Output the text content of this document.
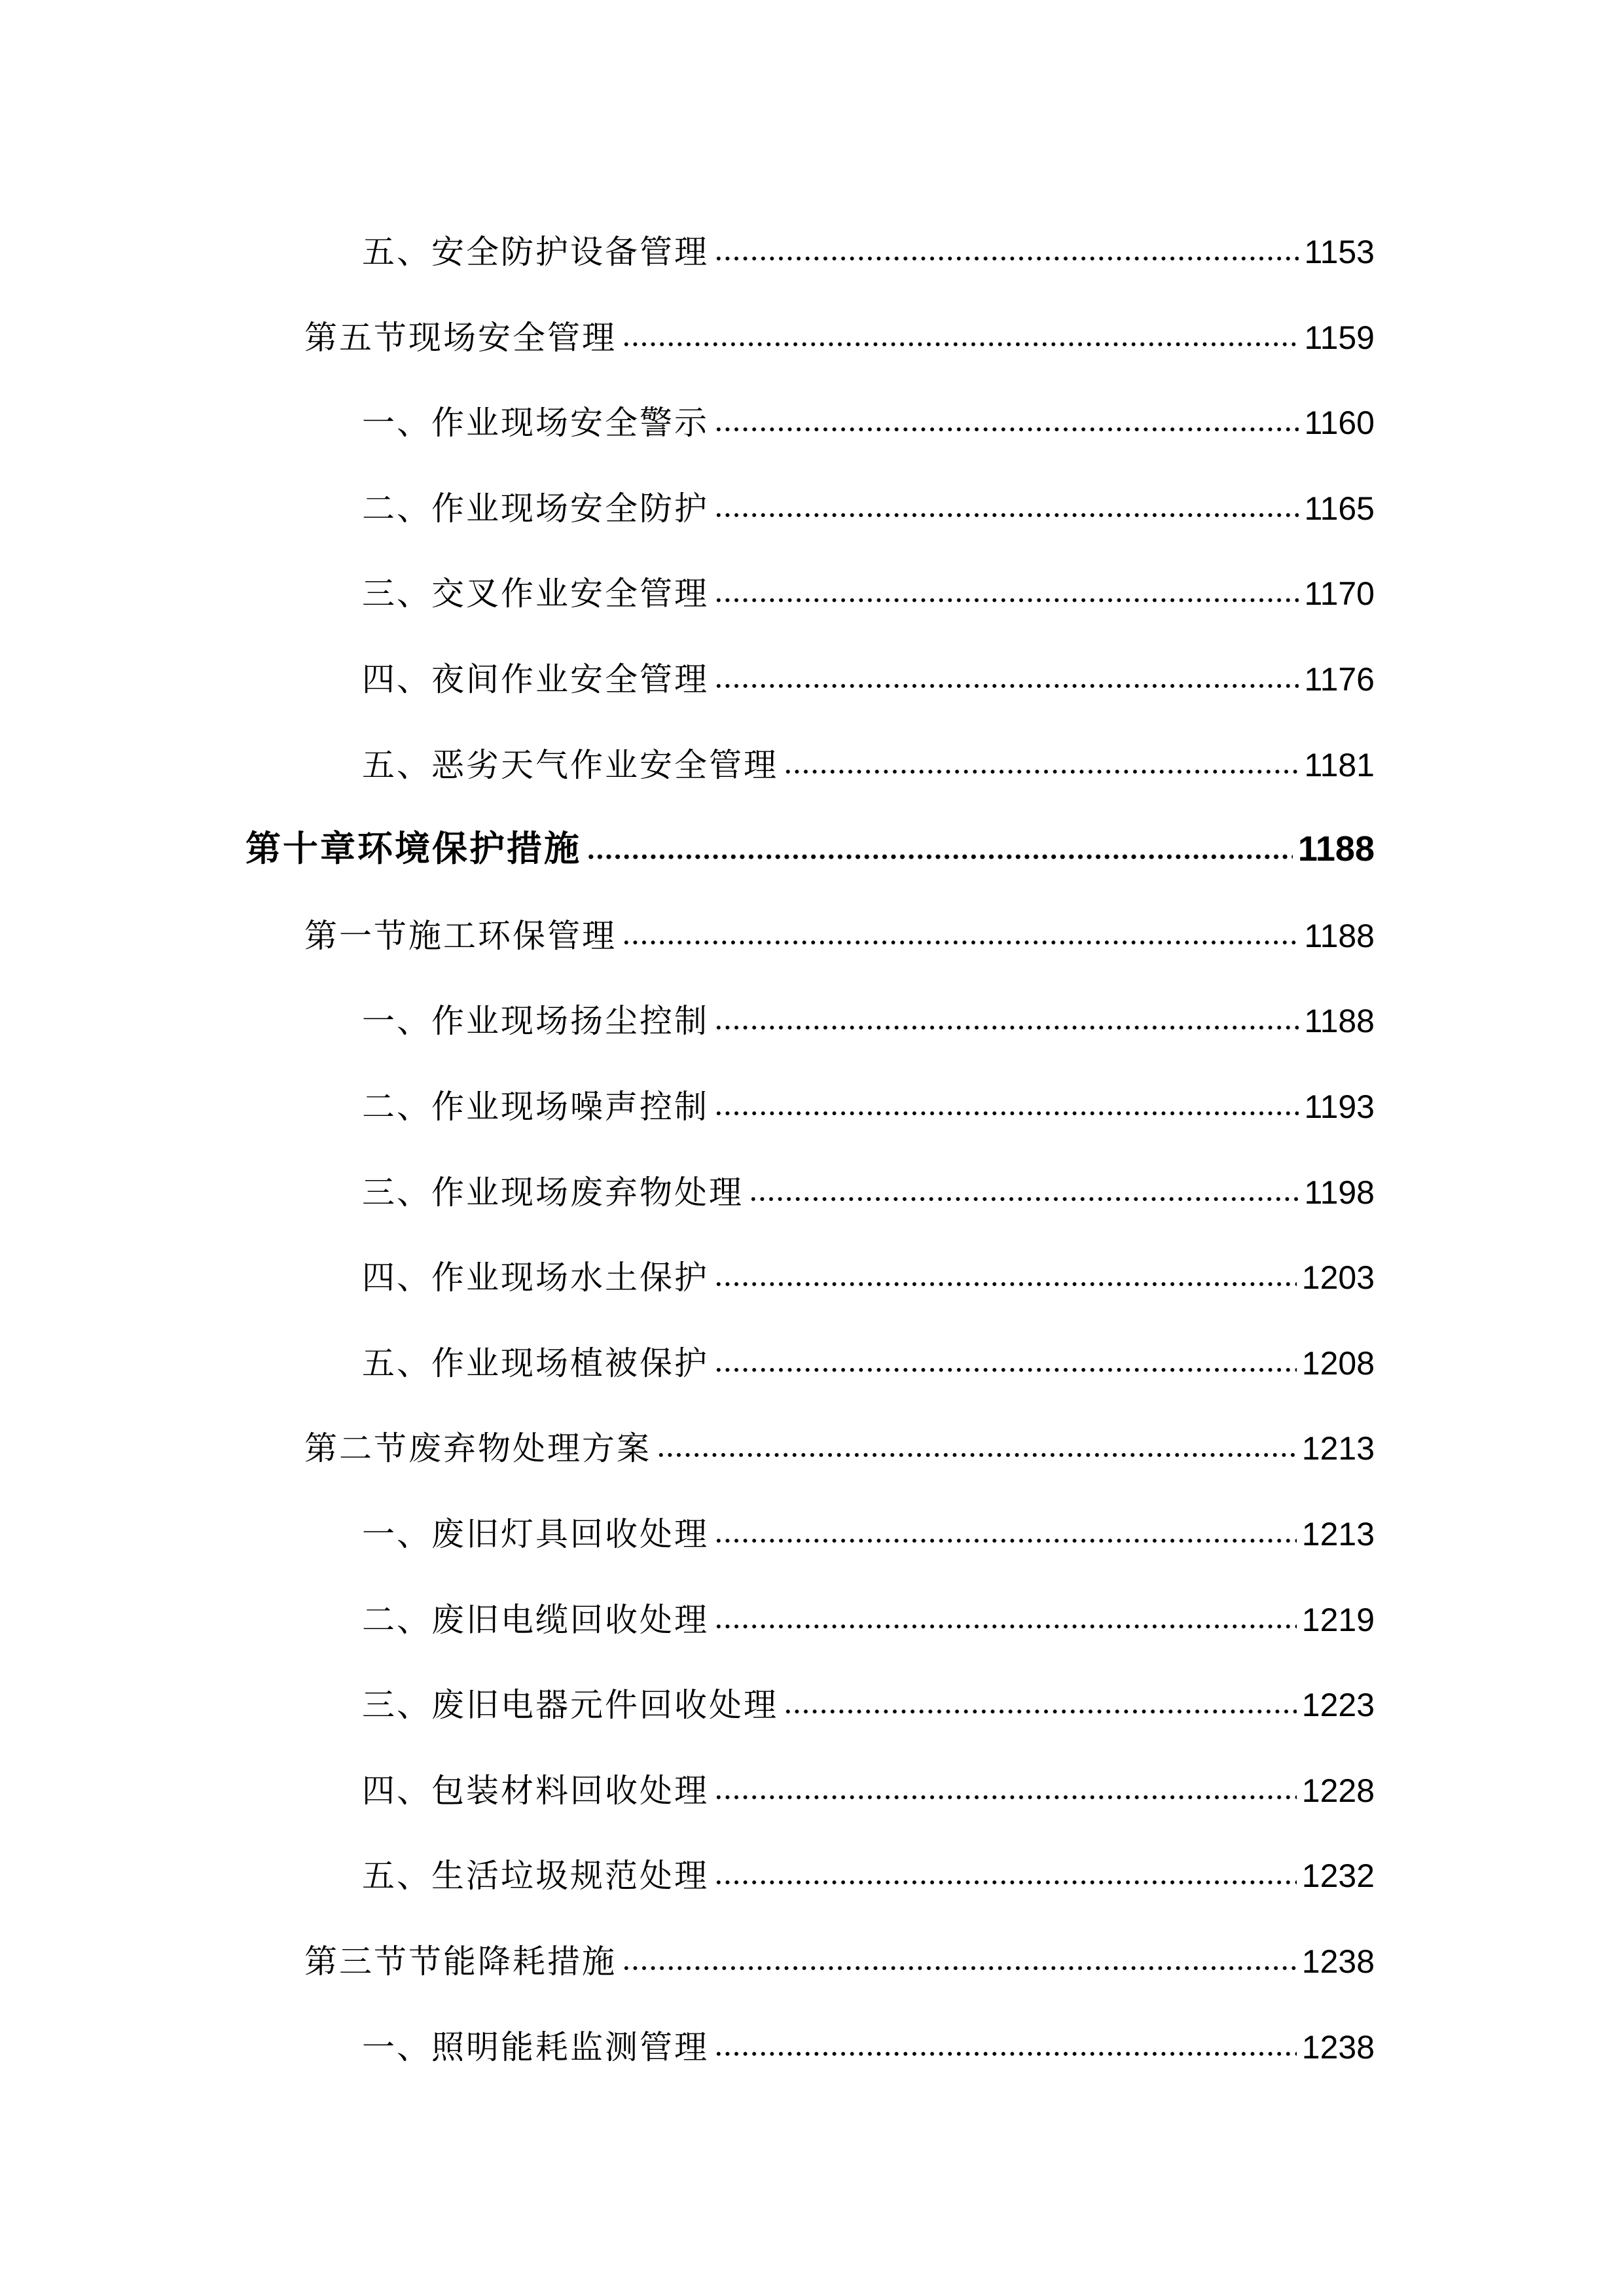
五、安全防护设备管理	1153
第五节现场安全管理	1159
一、作业现场安全警示	1160
二、作业现场安全防护	1165
三、交叉作业安全管理	1170
四、夜间作业安全管理	1176
五、恶劣天气作业安全管理	1181
第十章环境保护措施	1188
第一节施工环保管理	1188
一、作业现场扬尘控制	1188
二、作业现场噪声控制	1193
三、作业现场废弃物处理	1198
四、作业现场水土保护	1203
五、作业现场植被保护	1208
第二节废弃物处理方案	1213
一、废旧灯具回收处理	1213
二、废旧电缆回收处理	1219
三、废旧电器元件回收处理	1223
四、包装材料回收处理	1228
五、生活垃圾规范处理	1232
第三节节能降耗措施	1238
一、照明能耗监测管理	1238
